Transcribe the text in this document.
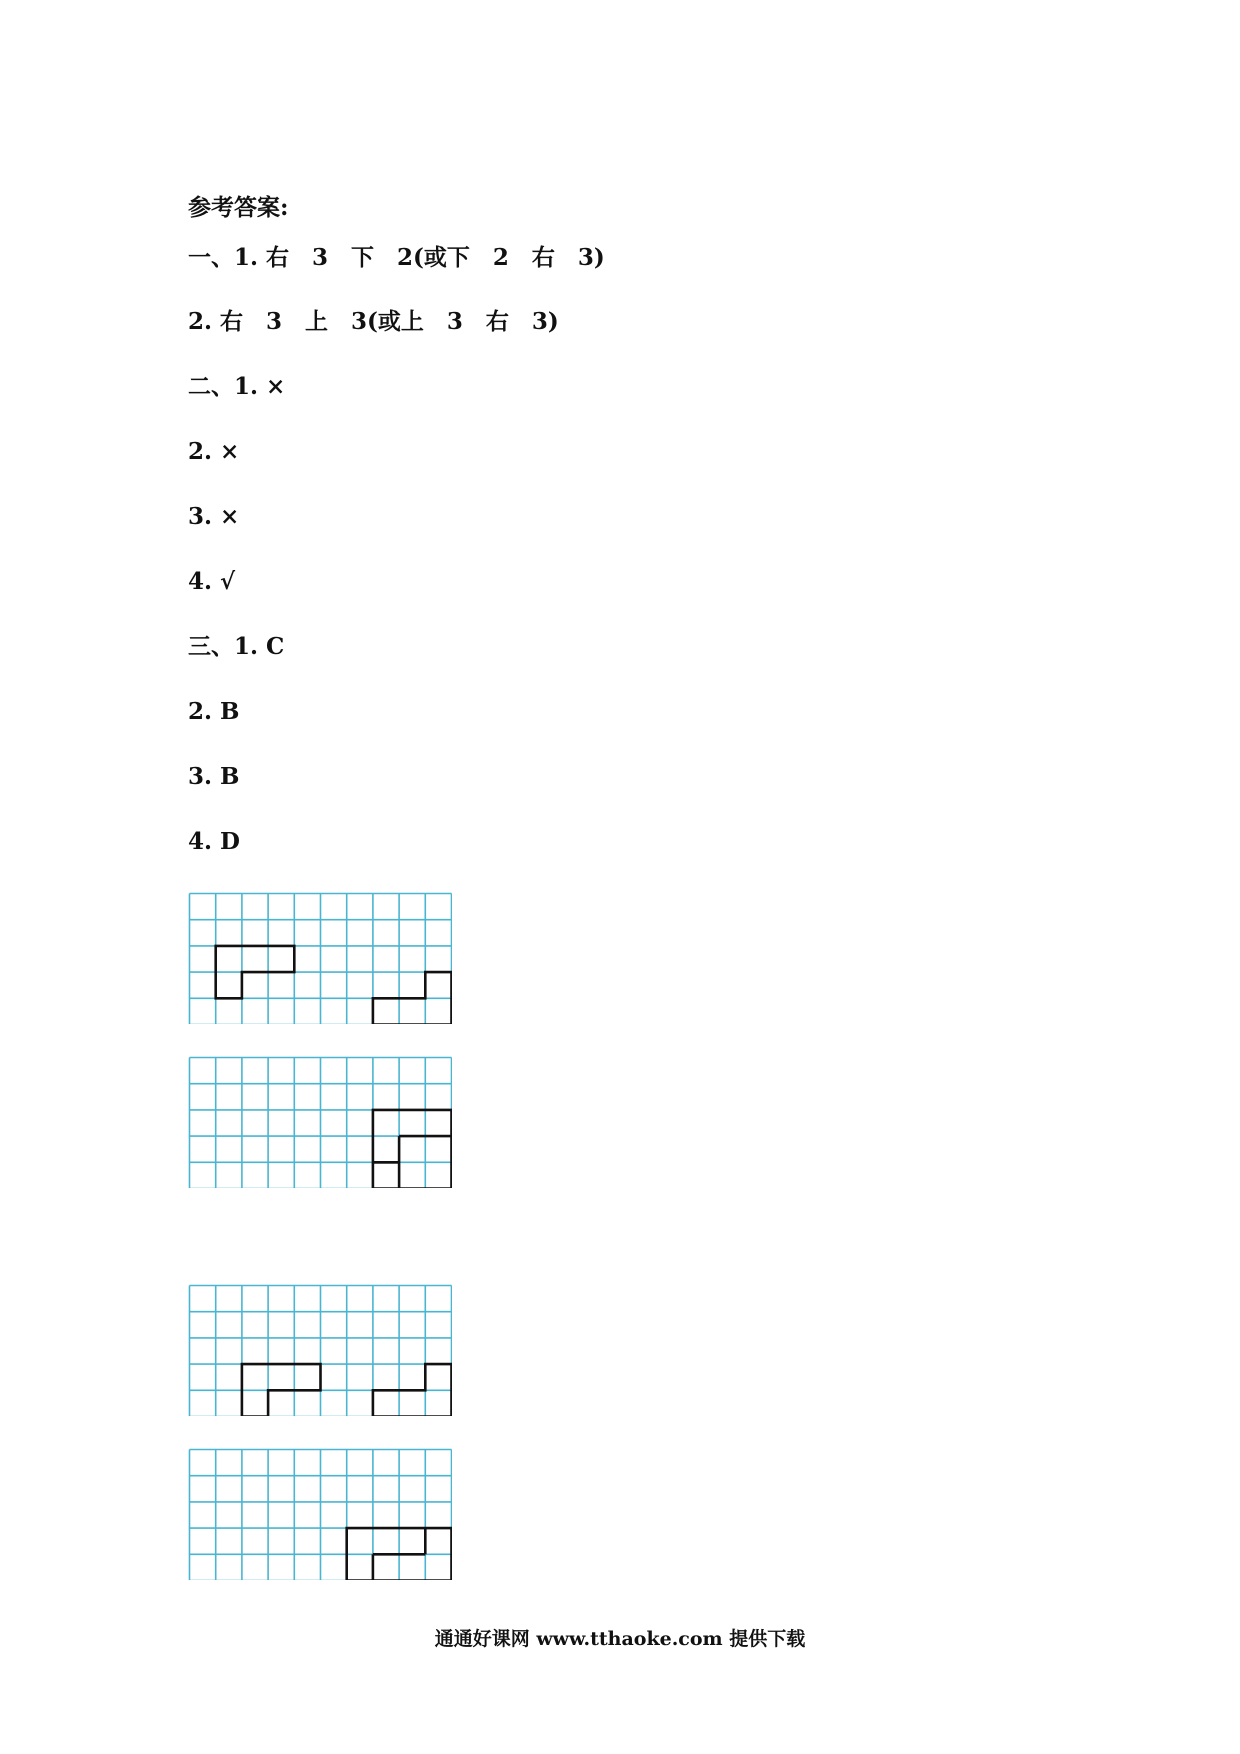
参考答案:
一、1. 右　3　下　2(或下　2　右　3)
2. 右　3　上　3(或上　3　右　3)
二、1. ×
2. ×
3. ×
4. √
三、1. C
2. B
3. B
4. D
通通好课网 www.tthaoke.com 提供下载
